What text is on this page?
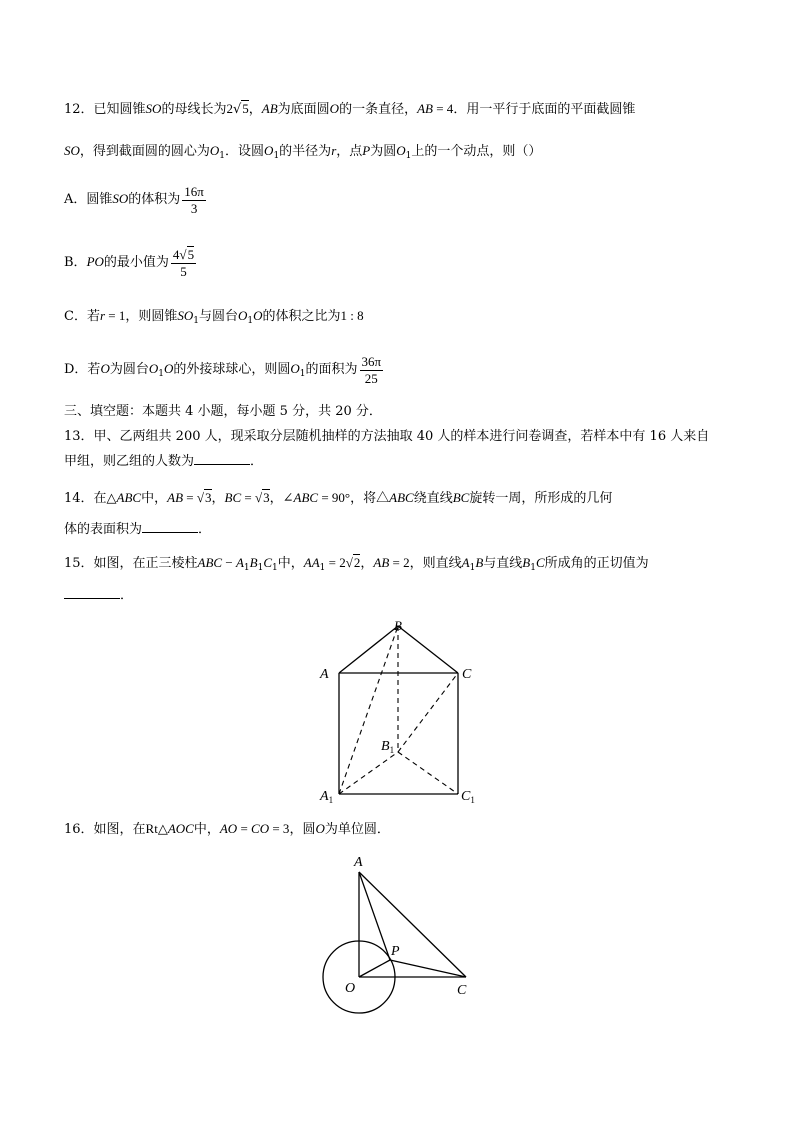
12．已知圆锥SO的母线长为2√5，AB为底面圆O的一条直径，AB = 4．用一平行于底面的平面截圆锥
SO，得到截面圆的圆心为$O_1$．设圆$O_1$的半径为r，点P为圆$O_1$上的一个动点，则（）
A．圆锥SO的体积为 $\frac{16\pi}{3}$
B．PO的最小值为 $\frac{4√5}{5}$
C．若r = 1，则圆锥$SO_1$与圆台$O_1O$的体积之比为1 : 8
D．若O为圆台$O_1O$的外接球球心，则圆$O_1$的面积为 $\frac{36\pi}{25}$
三、填空题：本题共 4 小题，每小题 5 分，共 20 分．
13．甲、乙两组共 200 人，现采取分层随机抽样的方法抽取 40 人的样本进行问卷调查，若样本中有 16 人来自
甲组，则乙组的人数为	．
14．在△ABC中，AB = √3，BC = √3，∠ABC = 90°，将△ABC绕直线BC旋转一周，所形成的几何
体的表面积为	．
15．如图，在正三棱柱ABC − $A_1B_1C_1$中，$AA_1 = 2√2$，AB = 2，则直线$A_1B$与直线$B_1C$所成角的正切值为
．
B
A	C
$B_1$
$A_1$	$C_1$
16．如图，在Rt△AOC中，AO = CO = 3，圆O为单位圆．
A
P
O	C
